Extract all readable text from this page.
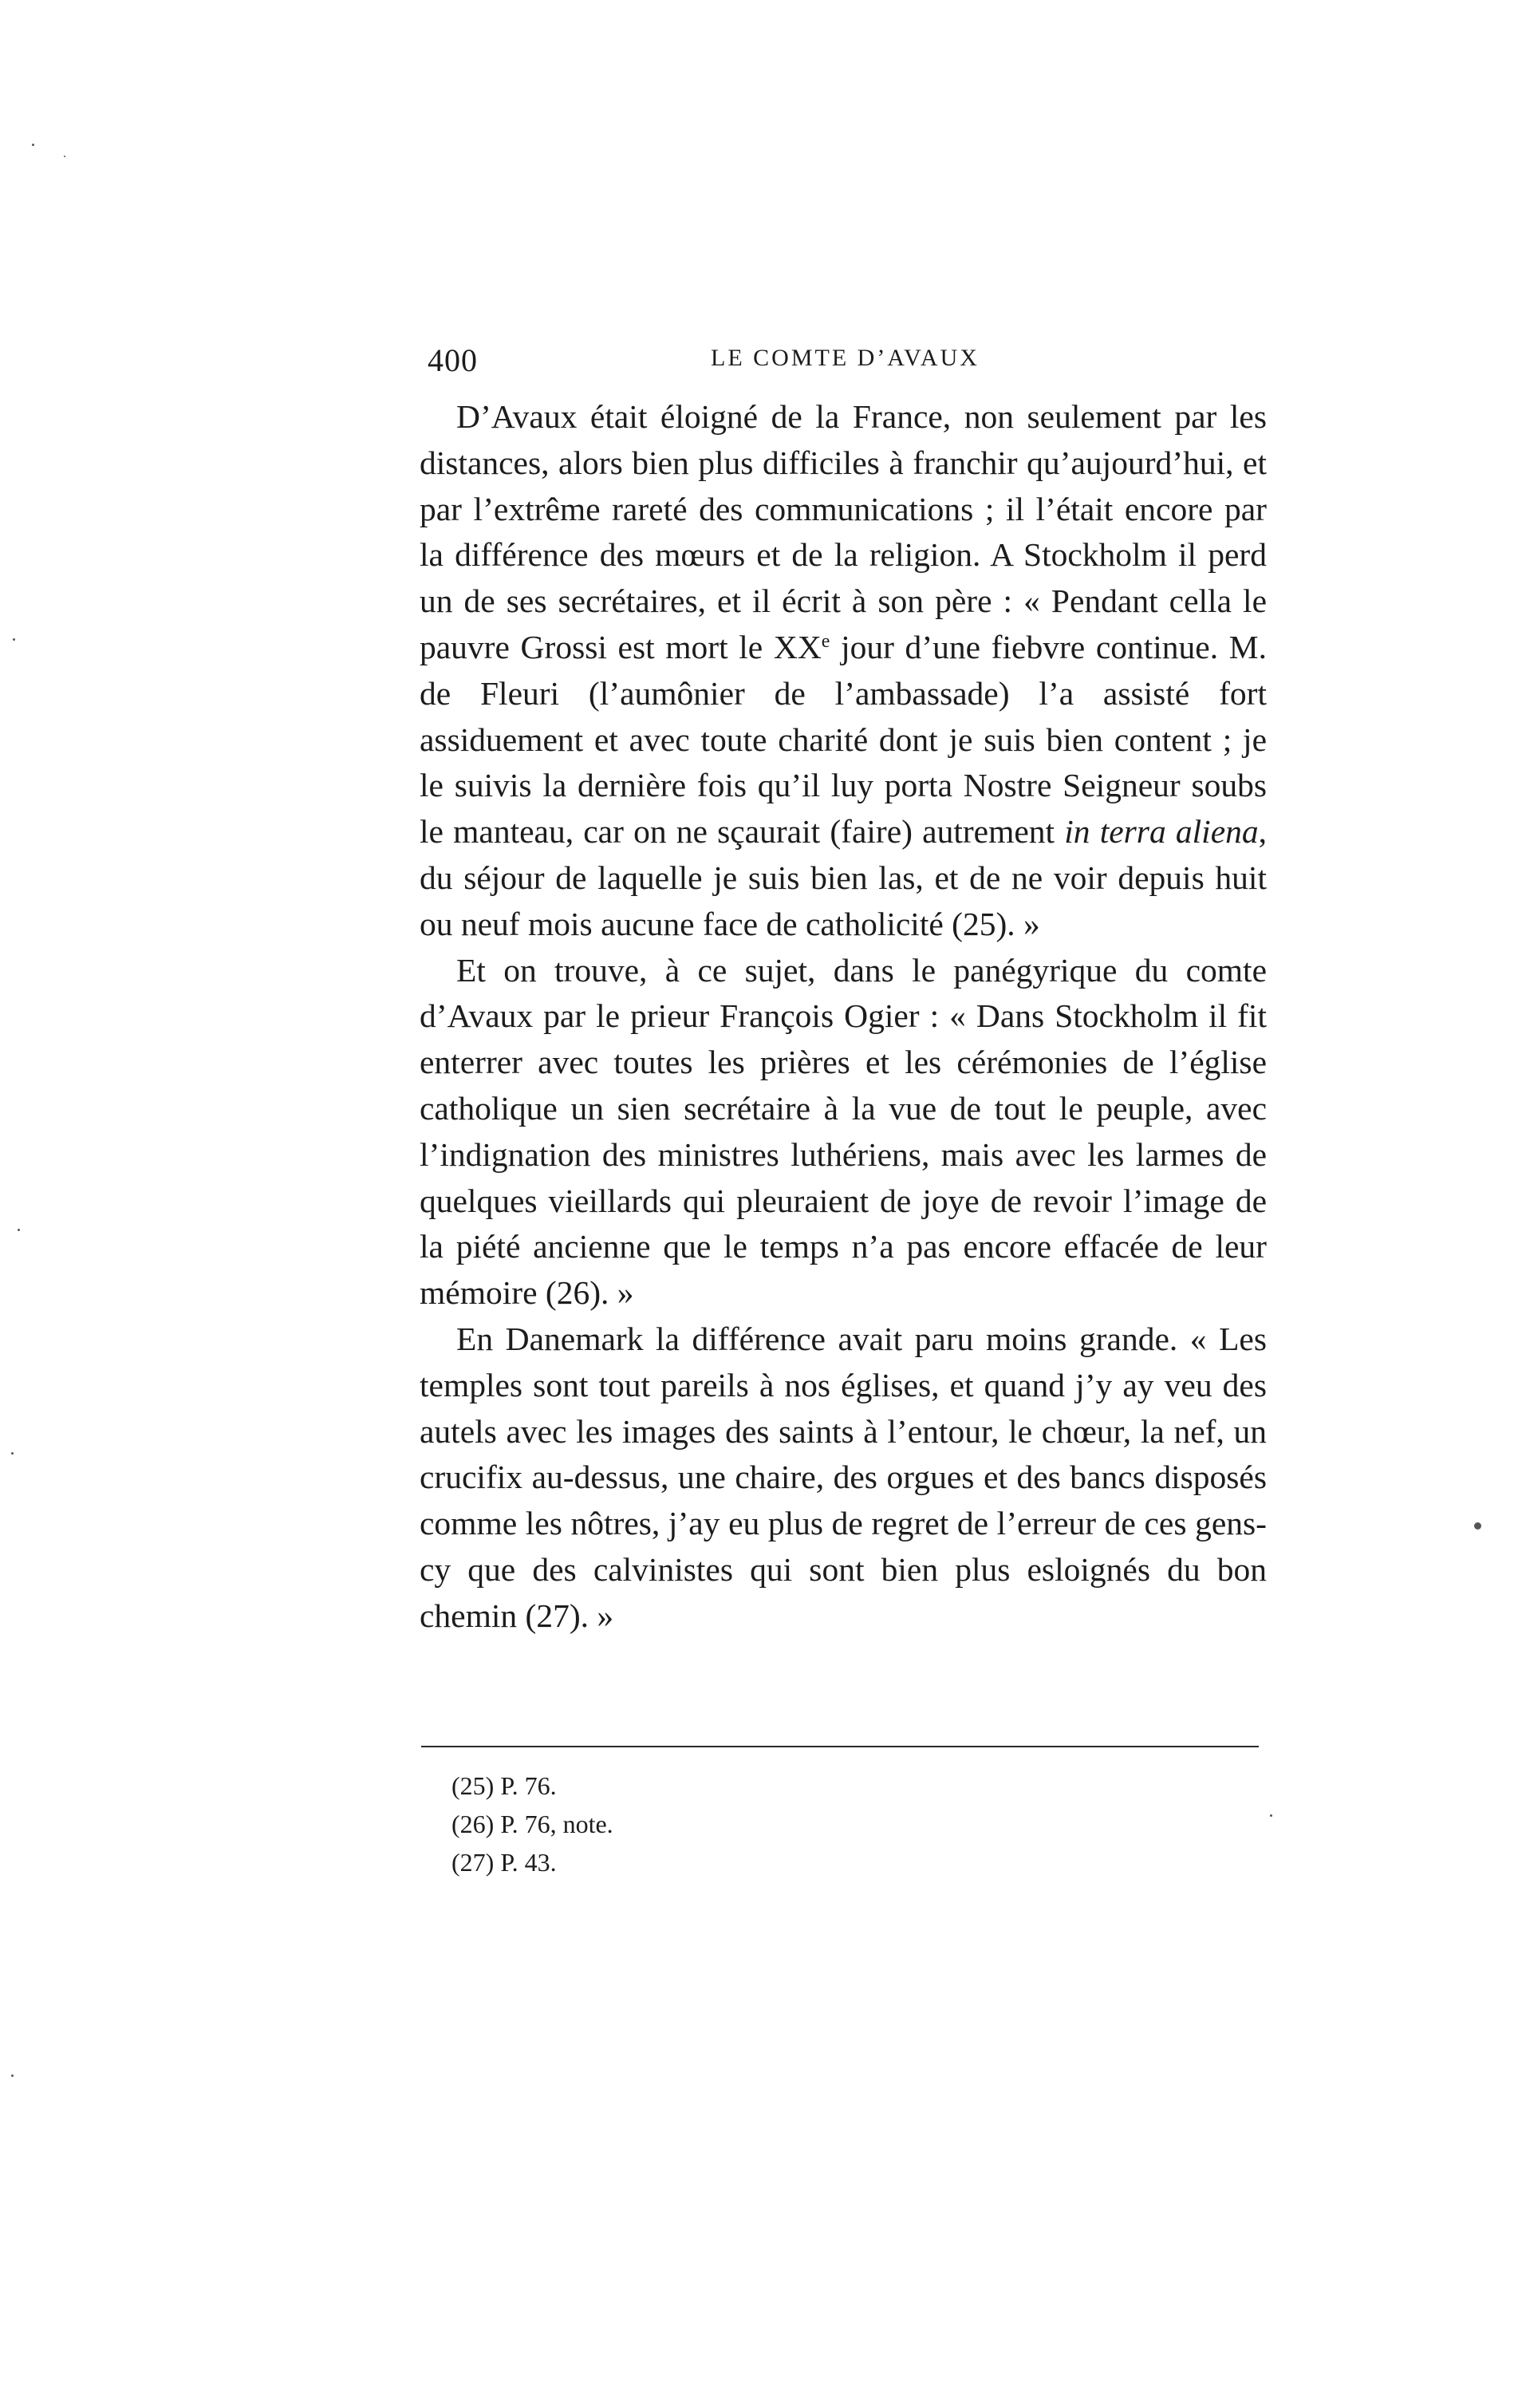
400	LE COMTE D’AVAUX

D’Avaux était éloigné de la France, non seulement par les distances, alors bien plus difficiles à franchir qu’aujourd’hui, et par l’extrême rareté des communications ; il l’était encore par la différence des mœurs et de la religion. A Stockholm il perd un de ses secrétaires, et il écrit à son père : « Pendant cella le pauvre Grossi est mort le XXe jour d’une fiebvre continue. M. de Fleuri (l’aumônier de l’ambassade) l’a assisté fort assiduement et avec toute charité dont je suis bien content ; je le suivis la dernière fois qu’il luy porta Nostre Seigneur soubs le manteau, car on ne sçaurait (faire) autrement in terra aliena, du séjour de laquelle je suis bien las, et de ne voir depuis huit ou neuf mois aucune face de catholicité (25). »

Et on trouve, à ce sujet, dans le panégyrique du comte d’Avaux par le prieur François Ogier : « Dans Stockholm il fit enterrer avec toutes les prières et les cérémonies de l’église catholique un sien secrétaire à la vue de tout le peuple, avec l’indignation des ministres luthériens, mais avec les larmes de quelques vieillards qui pleuraient de joye de revoir l’image de la piété ancienne que le temps n’a pas encore effacée de leur mémoire (26). »

En Danemark la différence avait paru moins grande. « Les temples sont tout pareils à nos églises, et quand j’y ay veu des autels avec les images des saints à l’entour, le chœur, la nef, un crucifix au-dessus, une chaire, des orgues et des bancs disposés comme les nôtres, j’ay eu plus de regret de l’erreur de ces gens-cy que des calvinistes qui sont bien plus esloignés du bon chemin (27). »

(25) P. 76.
(26) P. 76, note.
(27) P. 43.
